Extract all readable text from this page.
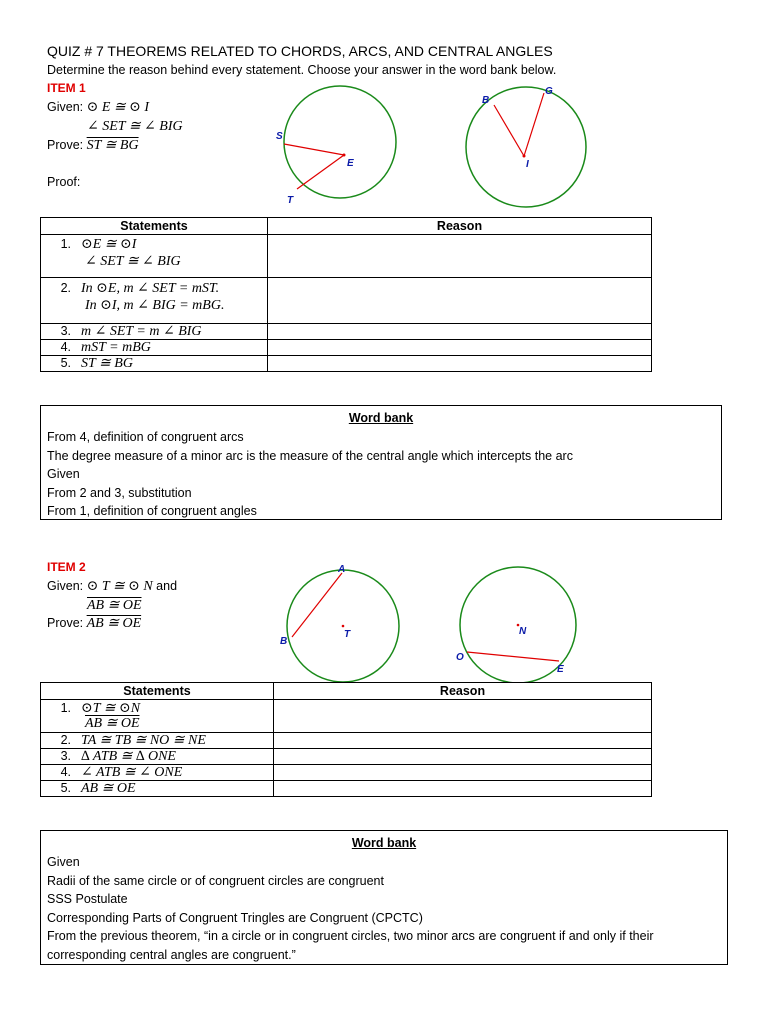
QUIZ # 7 THEOREMS RELATED TO CHORDS, ARCS, AND CENTRAL ANGLES
Determine the reason behind every statement. Choose your answer in the word bank below.
ITEM 1
Given: ⊙ E ≅ ⊙ I
∠ SET ≅ ∠ BIG
Prove: ST ≅ BG
Proof:
S
E
T
B
G
I
Statements	Reason

1. ⊙E ≅ ⊙I
∠ SET ≅ ∠ BIG	

2. In ⊙E, m ∠ SET = mST.
In ⊙I, m ∠ BIG = mBG.	

3. m ∠ SET = m ∠ BIG	
4. mST = mBG	
5. ST ≅ BG	
Word bank
From 4, definition of congruent arcs
The degree measure of a minor arc is the measure of the central angle which intercepts the arc
Given
From 2 and 3, substitution
From 1, definition of congruent angles
ITEM 2
Given: ⊙ T ≅ ⊙ N and
AB ≅ OE
Prove: AB ≅ OE
A
B
T	N
O
E
Statements	Reason

1. ⊙T ≅ ⊙N
AB ≅ OE	

2. TA ≅ TB ≅ NO ≅ NE	
3. ∆ ATB ≅ ∆ ONE	
4. ∠ ATB ≅ ∠ ONE	
5. AB ≅ OE	
Word bank
Given
Radii of the same circle or of congruent circles are congruent
SSS Postulate
Corresponding Parts of Congruent Tringles are Congruent (CPCTC)
From the previous theorem, “in a circle or in congruent circles, two minor arcs are congruent if and only if their
corresponding central angles are congruent.”
